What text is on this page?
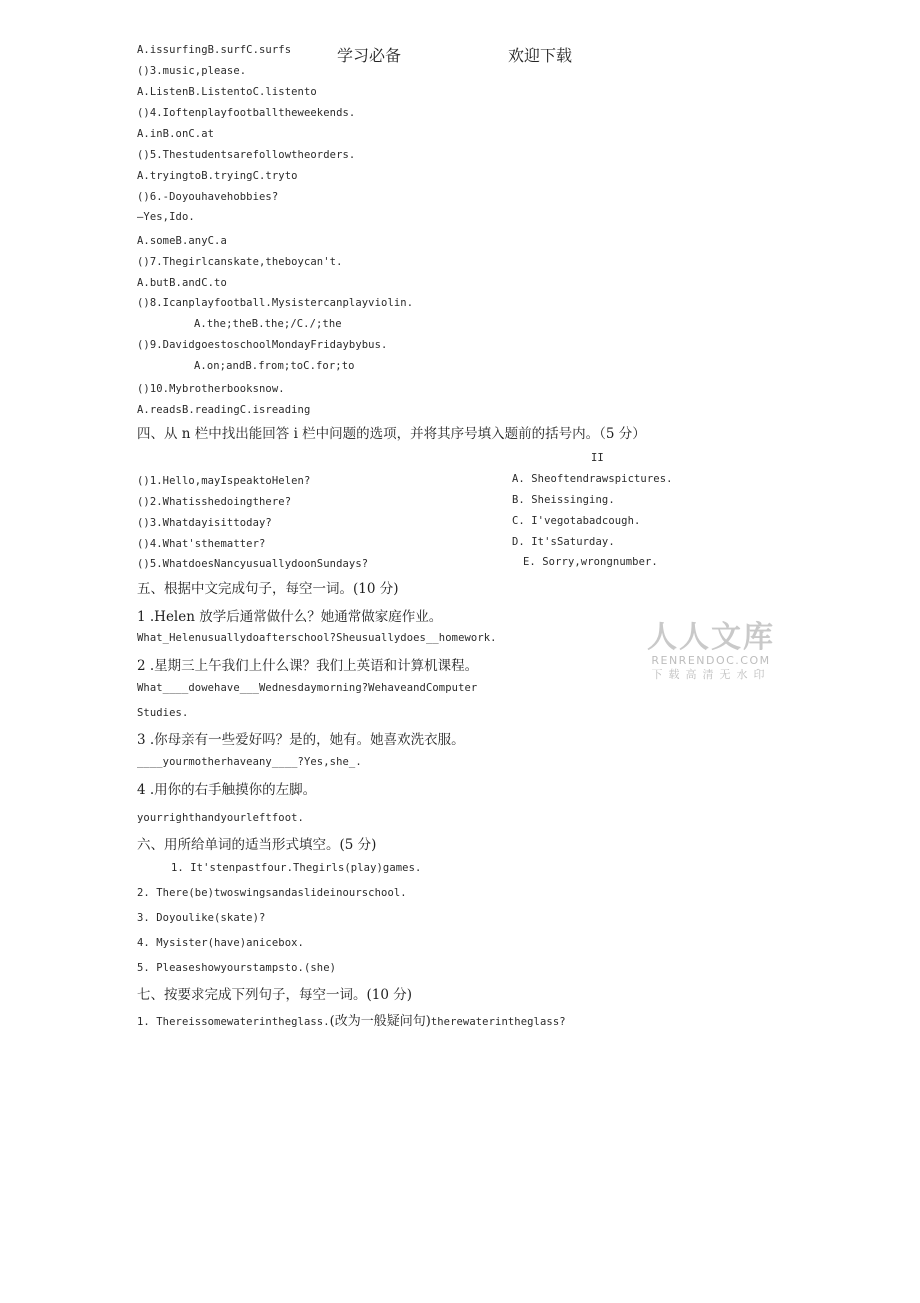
学习必备	欢迎下载
A.issurfingB.surfC.surfs
()3.music,please.
A.ListenB.ListentoC.listento
()4.Ioftenplayfootballtheweekends.
A.inB.onC.at
()5.Thestudentsarefollowtheorders.
A.tryingtoB.tryingC.tryto
()6.-Doyouhavehobbies?
—Yes,Ido.
A.someB.anyC.a
()7.Thegirlcanskate,theboycan't.
A.butB.andC.to
()8.Icanplayfootball.Mysistercanplayviolin.
A.the;theB.the;/C./;the
()9.DavidgoestoschoolMondayFridaybybus.
A.on;andB.from;toC.for;to
()10.Mybrotherbooksnow.
A.readsB.readingC.isreading
四、从 n 栏中找出能回答 i 栏中问题的选项，并将其序号填入题前的括号内。（5 分）
II
()1.Hello,mayIspeaktoHelen?
()2.Whatisshedoingthere?
()3.Whatdayisittoday?
()4.What'sthematter?
()5.WhatdoesNancyusuallydoonSundays?
A. Sheoftendrawspictures.
B. Sheissinging.
C. I'vegotabadcough.
D. It'sSaturday.
E. Sorry,wrongnumber.
五、根据中文完成句子，每空一词。(10 分)
1 .Helen 放学后通常做什么？她通常做家庭作业。
What_Helenusuallydoafterschool?Sheusuallydoes__homework.
2 .星期三上午我们上什么课？我们上英语和计算机课程。
What____dowehave___Wednesdaymorning?WehaveandComputer
Studies.
3 .你母亲有一些爱好吗？是的，她有。她喜欢洗衣服。
____yourmotherhaveany____?Yes,she_.
4 .用你的右手触摸你的左脚。
yourrighthandyourleftfoot.
六、用所给单词的适当形式填空。(5 分)
1. It'stenpastfour.Thegirls(play)games.
2. There(be)twoswingsandaslideinourschool.
3. Doyoulike(skate)?
4. Mysister(have)anicebox.
5. Pleaseshowyourstampsto.(she)
七、按要求完成下列句子，每空一词。(10 分)
1. Thereissomewaterintheglass.(改为一般疑问句)therewaterintheglass?
人人文库
RENRENDOC.COM
下载高清无水印
